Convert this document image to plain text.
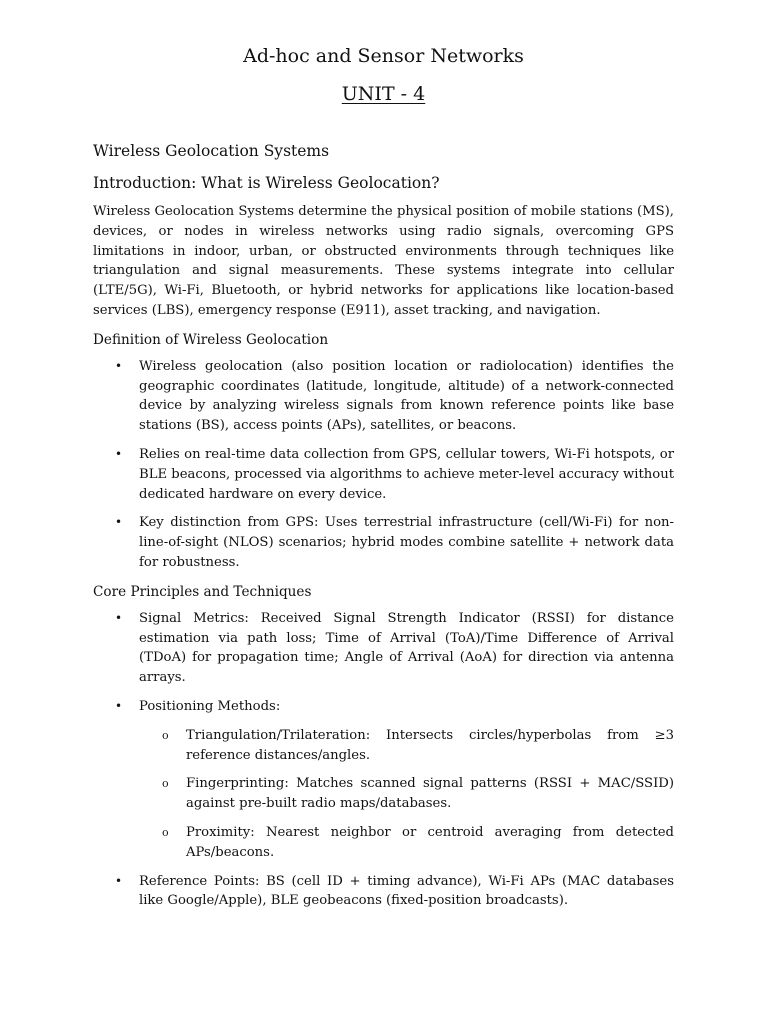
Ad-hoc and Sensor Networks
UNIT - 4
Wireless Geolocation Systems
Introduction: What is Wireless Geolocation?

Wireless Geolocation Systems determine the physical position of mobile stations (MS), devices, or nodes in wireless networks using radio signals, overcoming GPS limitations in indoor, urban, or obstructed environments through techniques like triangulation and signal measurements. These systems integrate into cellular (LTE/5G), Wi-Fi, Bluetooth, or hybrid networks for applications like location-based services (LBS), emergency response (E911), asset tracking, and navigation.

Definition of Wireless Geolocation
• Wireless geolocation (also position location or radiolocation) identifies the geographic coordinates (latitude, longitude, altitude) of a network-connected device by analyzing wireless signals from known reference points like base stations (BS), access points (APs), satellites, or beacons.
• Relies on real-time data collection from GPS, cellular towers, Wi-Fi hotspots, or BLE beacons, processed via algorithms to achieve meter-level accuracy without dedicated hardware on every device.
• Key distinction from GPS: Uses terrestrial infrastructure (cell/Wi-Fi) for non-line-of-sight (NLOS) scenarios; hybrid modes combine satellite + network data for robustness.
Core Principles and Techniques
• Signal Metrics: Received Signal Strength Indicator (RSSI) for distance estimation via path loss; Time of Arrival (ToA)/Time Difference of Arrival (TDoA) for propagation time; Angle of Arrival (AoA) for direction via antenna arrays.
• Positioning Methods:
o Triangulation/Trilateration: Intersects circles/hyperbolas from ≥3 reference distances/angles.
o Fingerprinting: Matches scanned signal patterns (RSSI + MAC/SSID) against pre-built radio maps/databases.
o Proximity: Nearest neighbor or centroid averaging from detected APs/beacons.
• Reference Points: BS (cell ID + timing advance), Wi-Fi APs (MAC databases like Google/Apple), BLE geobeacons (fixed-position broadcasts).
